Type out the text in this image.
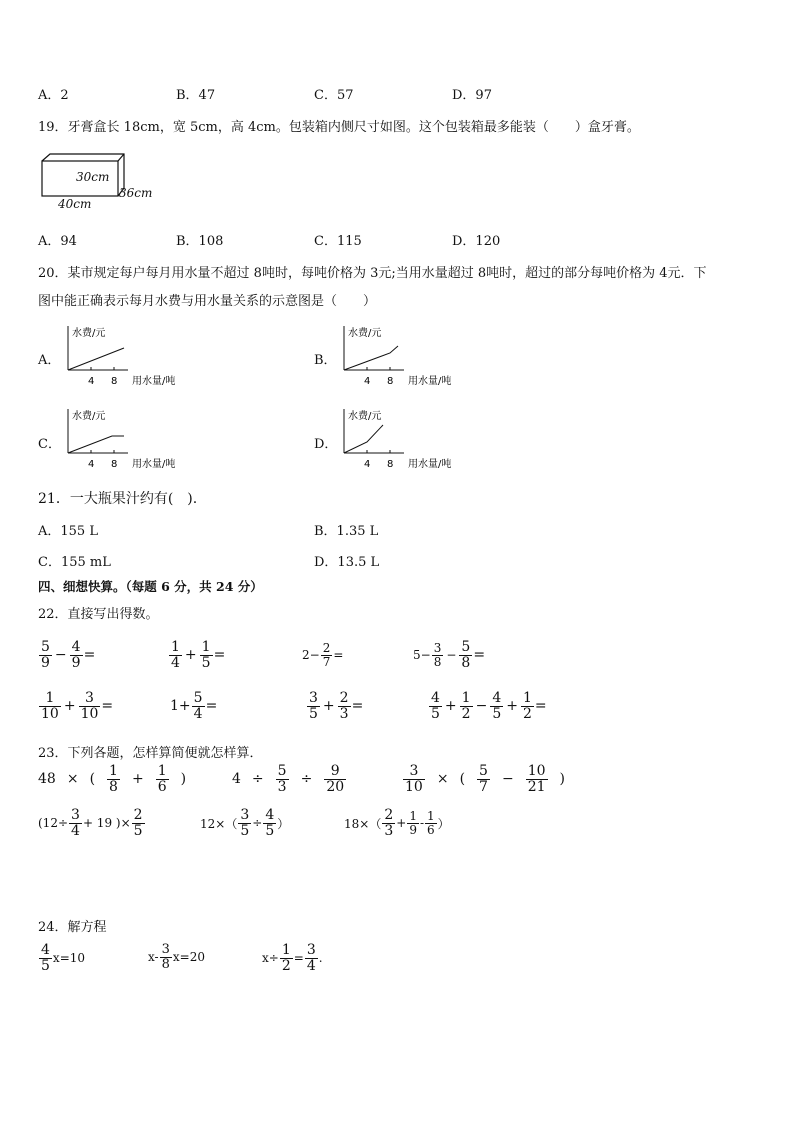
A．2	B．47	C．57	D．97
19．牙膏盒长 18cm，宽 5cm，高 4cm。包装箱内侧尺寸如图。这个包装箱最多能装（　　）盒牙膏。
30cm
36cm
40cm
A．94	B．108	C．115	D．120
20．某市规定每户每月用水量不超过 8吨时，每吨价格为 3元;当用水量超过 8吨时，超过的部分每吨价格为 4元．下
图中能正确表示每月水费与用水量关系的示意图是（　　）
A．	B．
C．	D．
水费/元
4 8 用水量/吨
水费/元
4 8 用水量/吨
水费/元
4 8 用水量/吨
水费/元
4 8 用水量/吨
21．一大瓶果汁约有(　).
A．155 L	B．1.35 L
C．155 mL	D．13.5 L
四、细想快算。（每题 6 分，共 24 分）
22．直接写出得数。
$\frac{5}{9} - \frac{4}{9}$ =	$\frac{1}{4} + \frac{1}{5}$ =	$2- \frac{2}{7}$ =	$5- \frac{3}{8} - \frac{5}{8}$ =
$\frac{1}{10} + \frac{3}{10}$ =	$1+ \frac{5}{4}$ =	$\frac{3}{5} + \frac{2}{3}$ =	$\frac{4}{5} + \frac{1}{2} - \frac{4}{5} + \frac{1}{2}$ =
23．下列各题，怎样算简便就怎样算．
48 × ( $\frac{1}{8} + \frac{1}{6}$ )	$4 \div \frac{5}{3} \div \frac{9}{20}$	$\frac{3}{10}$ × ( $\frac{5}{7} - \frac{10}{21}$ )
($12\div \frac{3}{4} + 19$ )× $\frac{2}{5}$	$12\times( \frac{3}{5} \div \frac{4}{5}$ ）	$18\times( \frac{2}{3} + \frac{1}{9} - \frac{1}{6}$ ）
24．解方程
$\frac{4}{5} x=10$	$x- \frac{3}{8} x=20$	$x\div \frac{1}{2} = \frac{3}{4}$ .
